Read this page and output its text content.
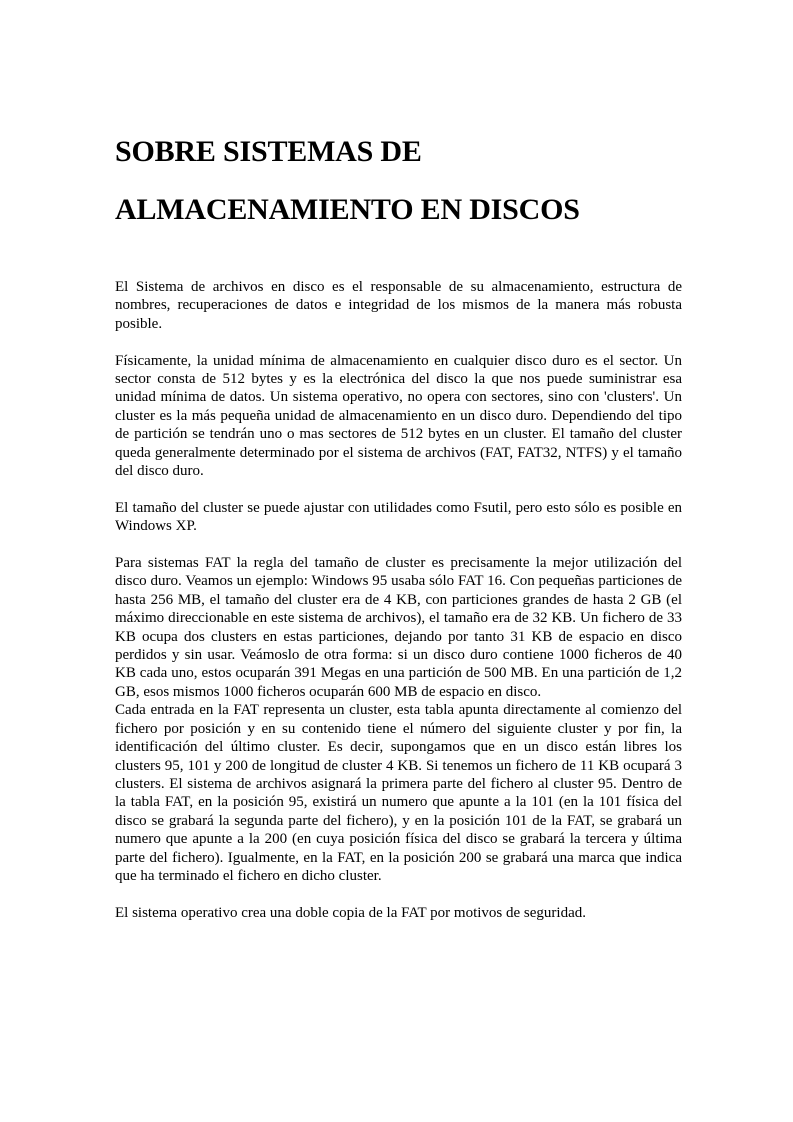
SOBRE SISTEMAS DE
ALMACENAMIENTO EN DISCOS

El Sistema de archivos en disco es el responsable de su almacenamiento, estructura de nombres, recuperaciones de datos e integridad de los mismos de la manera más robusta posible.

Físicamente, la unidad mínima de almacenamiento en cualquier disco duro es el sector. Un sector consta de 512 bytes y es la electrónica del disco la que nos puede suministrar esa unidad mínima de datos. Un sistema operativo, no opera con sectores, sino con 'clusters'. Un cluster es la más pequeña unidad de almacenamiento en un disco duro. Dependiendo del tipo de partición se tendrán uno o mas sectores de 512 bytes en un cluster. El tamaño del cluster queda generalmente determinado por el sistema de archivos (FAT, FAT32, NTFS) y el tamaño del disco duro.

El tamaño del cluster se puede ajustar con utilidades como Fsutil, pero esto sólo es posible en Windows XP.

Para sistemas FAT la regla del tamaño de cluster es precisamente la mejor utilización del disco duro. Veamos un ejemplo: Windows 95 usaba sólo FAT 16. Con pequeñas particiones de hasta 256 MB, el tamaño del cluster era de 4 KB, con particiones grandes de hasta 2 GB (el máximo direccionable en este sistema de archivos), el tamaño era de 32 KB. Un fichero de 33 KB ocupa dos clusters en estas particiones, dejando por tanto 31 KB de espacio en disco perdidos y sin usar. Veámoslo de otra forma: si un disco duro contiene 1000 ficheros de 40 KB cada uno, estos ocuparán 391 Megas en una partición de 500 MB. En una partición de 1,2 GB, esos mismos 1000 ficheros ocuparán 600 MB de espacio en disco.

Cada entrada en la FAT representa un cluster, esta tabla apunta directamente al comienzo del fichero por posición y en su contenido tiene el número del siguiente cluster y por fin, la identificación del último cluster. Es decir, supongamos que en un disco están libres los clusters 95, 101 y 200 de longitud de cluster 4 KB. Si tenemos un fichero de 11 KB ocupará 3 clusters. El sistema de archivos asignará la primera parte del fichero al cluster 95. Dentro de la tabla FAT, en la posición 95, existirá un numero que apunte a la 101 (en la 101 física del disco se grabará la segunda parte del fichero), y en la posición 101 de la FAT, se grabará un numero que apunte a la 200 (en cuya posición física del disco se grabará la tercera y última parte del fichero). Igualmente, en la FAT, en la posición 200 se grabará una marca que indica que ha terminado el fichero en dicho cluster.

El sistema operativo crea una doble copia de la FAT por motivos de seguridad.
